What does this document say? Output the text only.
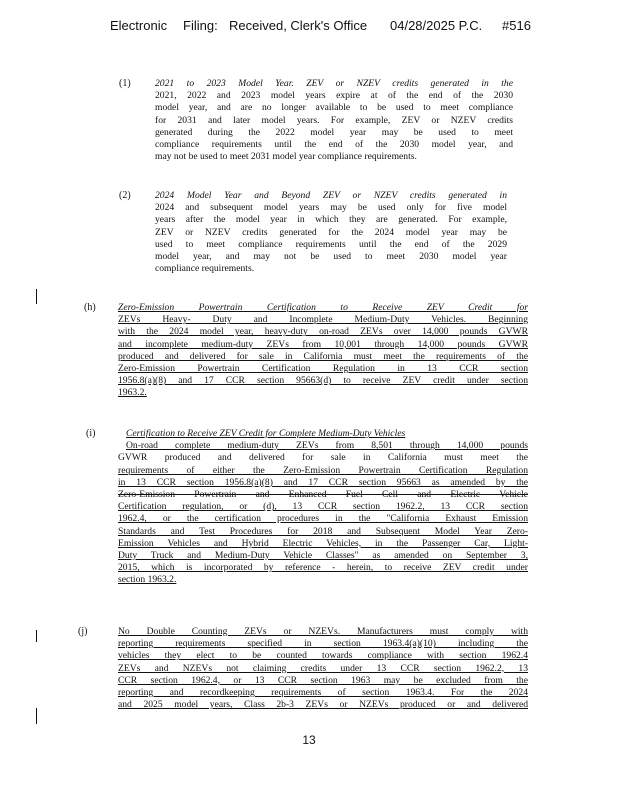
Electronic Filing: Received, Clerk's Office 04/28/2025 P.C. #516
(1)	2021 to 2023 Model Year. ZEV or NZEV credits generated in the
2021, 2022 and 2023 model years expire at of the end of the 2030
model year, and are no longer available to be used to meet compliance
for 2031 and later model years. For example, ZEV or NZEV credits
generated during the 2022 model year may be used to meet
compliance requirements until the end of the 2030 model year, and
may not be used to meet 2031 model year compliance requirements.
(2)	2024 Model Year and Beyond ZEV or NZEV credits generated in
2024 and subsequent model years may be used only for five model
years after the model year in which they are generated. For example,
ZEV or NZEV credits generated for the 2024 model year may be
used to meet compliance requirements until the end of the 2029
model year, and may not be used to meet 2030 model year
compliance requirements.
(h) Zero-Emission Powertrain Certification to Receive ZEV Credit for
ZEVs Heavy- Duty and Incomplete Medium-Duty Vehicles. Beginning
with the 2024 model year, heavy-duty on-road ZEVs over 14,000 pounds GVWR
and incomplete medium-duty ZEVs from 10,001 through 14,000 pounds GVWR
produced and delivered for sale in California must meet the requirements of the
Zero-Emission Powertrain Certification Regulation in 13 CCR section
1956.8(a)(8) and 17 CCR section 95663(d) to receive ZEV credit under section
1963.2.
(i)	Certification to Receive ZEV Credit for Complete Medium-Duty Vehicles
On-road complete medium-duty ZEVs from 8,501 through 14,000 pounds
GVWR produced and delivered for sale in California must meet the
requirements of either the Zero-Emission Powertrain Certification Regulation
in 13 CCR section 1956.8(a)(8) and 17 CCR section 95663 as amended by the
Zero-Emission Powertrain and Enhanced Fuel Cell and Electric Vehicle
Certification regulation, or (d), 13 CCR section 1962.2, 13 CCR section
1962.4, or the certification procedures in the "California Exhaust Emission
Standards and Test Procedures for 2018 and Subsequent Model Year Zero-
Emission Vehicles and Hybrid Electric Vehicles, in the Passenger Car, Light-
Duty Truck and Medium-Duty Vehicle Classes" as amended on September 3,
2015, which is incorporated by reference - herein, to receive ZEV credit under
section 1963.2.
(j)	No Double Counting ZEVs or NZEVs. Manufacturers must comply with
reporting requirements specified in section 1963.4(a)(10) including the
vehicles they elect to be counted towards compliance with section 1962.4
ZEVs and NZEVs not claiming credits under 13 CCR section 1962.2, 13
CCR section 1962.4, or 13 CCR section 1963 may be excluded from the
reporting and recordkeeping requirements of section 1963.4. For the 2024
and 2025 model years, Class 2b-3 ZEVs or NZEVs produced or and delivered
13
